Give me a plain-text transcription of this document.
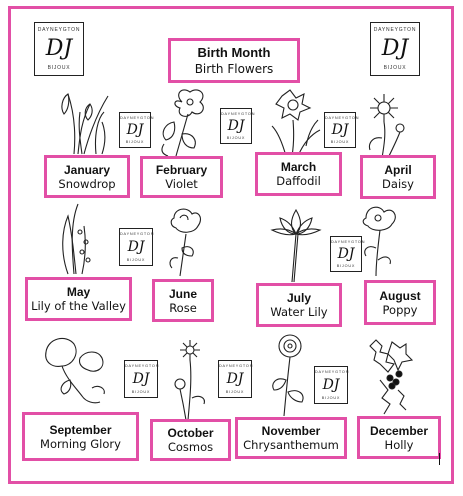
DAYNEYGTON
DJ
BIJOUX
DAYNEYGTON
DJ
BIJOUX
DAYNEYGTON
DJ
BIJOUX
DAYNEYGTON
DJ
BIJOUX
DAYNEYGTON
DJ
BIJOUX
DAYNEYGTON
DJ
BIJOUX
DAYNEYGTON
DJ
BIJOUX
DAYNEYGTON
DJ
BIJOUX
DAYNEYGTON
DJ
BIJOUX
DAYNEYGTON
DJ
BIJOUX
Birth Month
Birth Flowers
January
Snowdrop
February
Violet
March
Daffodil
April
Daisy
May
Lily of the Valley
June
Rose
July
Water Lily
August
Poppy
September
Morning Glory
October
Cosmos
November
Chrysanthemum
December
Holly
